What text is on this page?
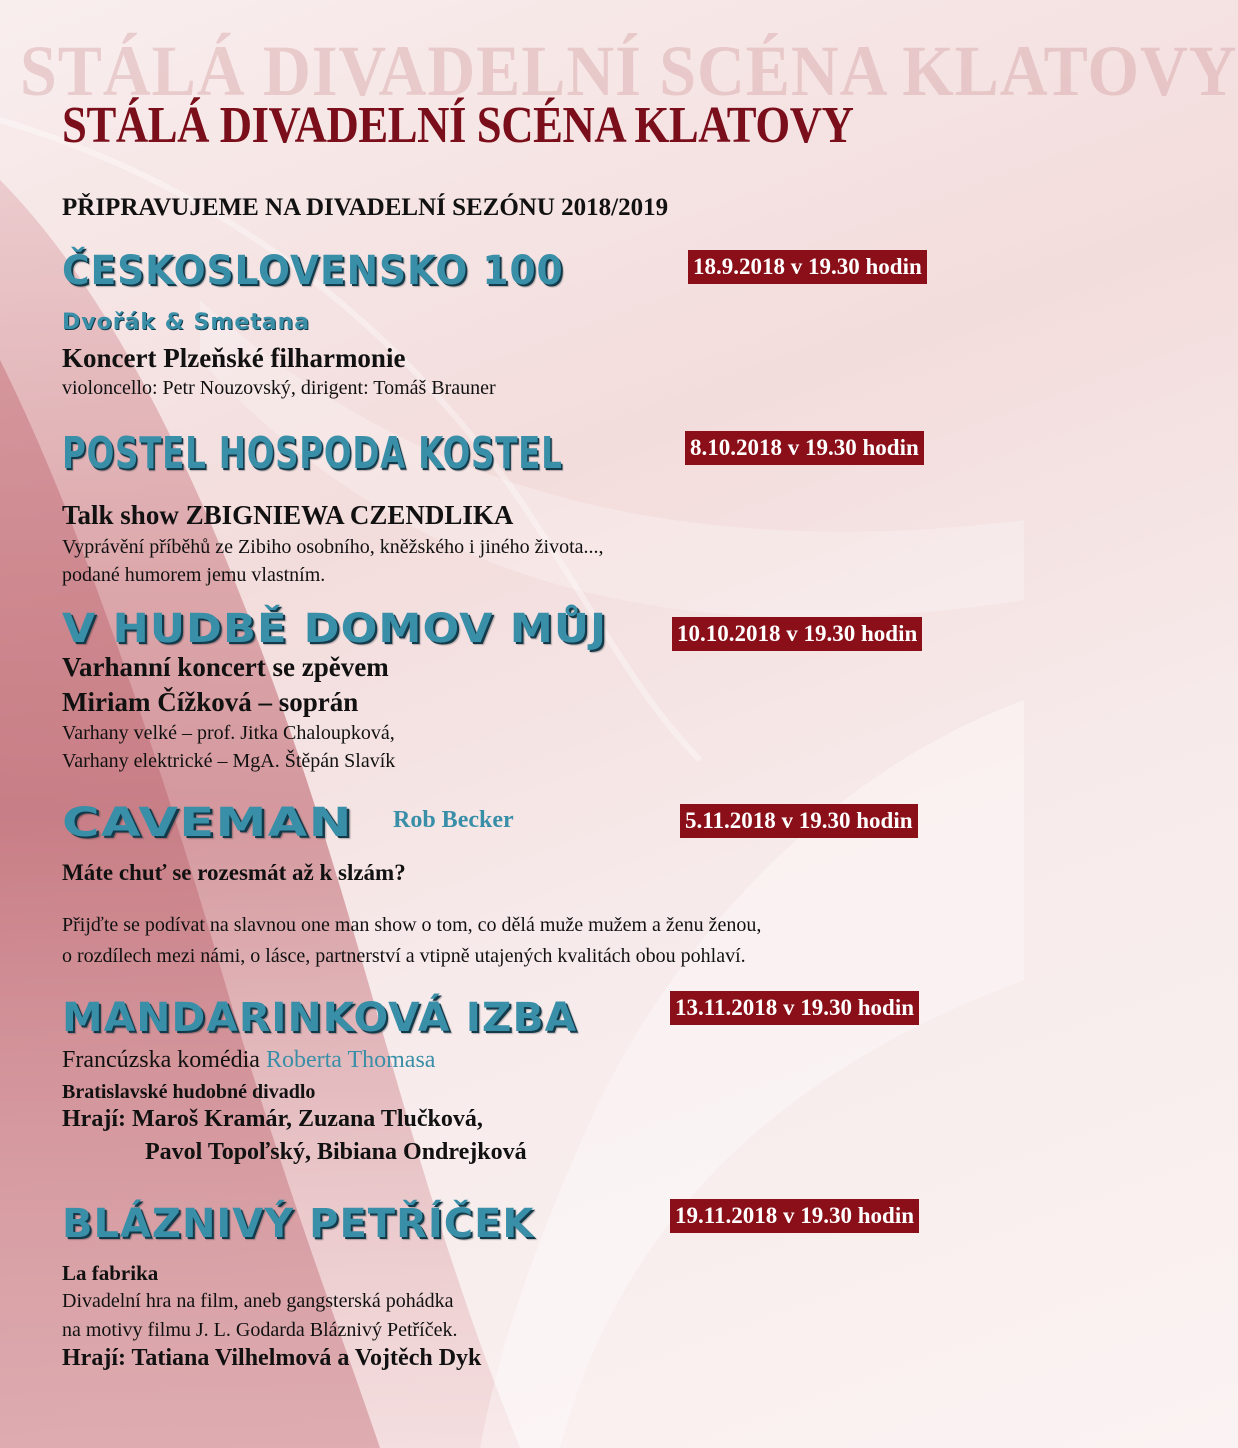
STÁLÁ DIVADELNÍ SCÉNA KLATOVY
STÁLÁ DIVADELNÍ SCÉNA KLATOVY
PŘIPRAVUJEME NA DIVADELNÍ SEZÓNU 2018/2019
ČESKOSLOVENSKO 100	18.9.2018 v 19.30 hodin
Dvořák & Smetana
Koncert Plzeňské filharmonie
violoncello: Petr Nouzovský, dirigent: Tomáš Brauner
POSTEL HOSPODA KOSTEL	8.10.2018 v 19.30 hodin
Talk show ZBIGNIEWA CZENDLIKA
Vyprávění příběhů ze Zibiho osobního, kněžského i jiného života...,
podané humorem jemu vlastním.
V HUDBĚ DOMOV MŮJ	10.10.2018 v 19.30 hodin
Varhanní koncert se zpěvem
Miriam Čížková – soprán
Varhany velké – prof. Jitka Chaloupková,
Varhany elektrické – MgA. Štěpán Slavík
CAVEMAN Rob Becker	5.11.2018 v 19.30 hodin
Máte chuť se rozesmát až k slzám?
Přijďte se podívat na slavnou one man show o tom, co dělá muže mužem a ženu ženou,
o rozdílech mezi námi, o lásce, partnerství a vtipně utajených kvalitách obou pohlaví.
MANDARINKOVÁ IZBA	13.11.2018 v 19.30 hodin
Francúzska komédia Roberta Thomasa
Bratislavské hudobné divadlo
Hrají: Maroš Kramár, Zuzana Tlučková,
Pavol Topoľský, Bibiana Ondrejková
BLÁZNIVÝ PETŘÍČEK	19.11.2018 v 19.30 hodin
La fabrika
Divadelní hra na film, aneb gangsterská pohádka
na motivy filmu J. L. Godarda Bláznivý Petříček.
Hrají: Tatiana Vilhelmová a Vojtěch Dyk
